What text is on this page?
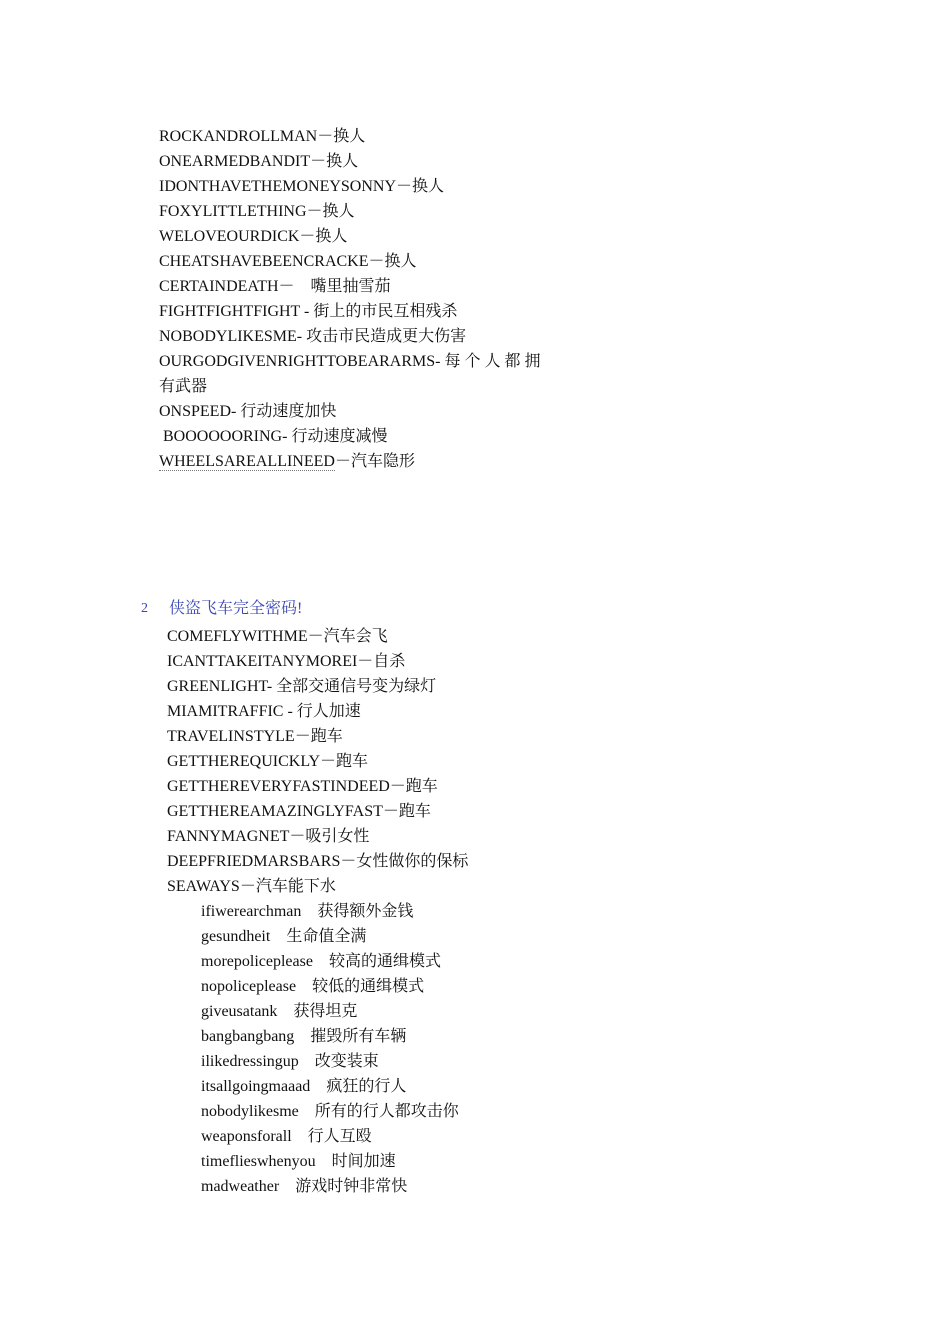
ROCKANDROLLMAN－换人
ONEARMEDBANDIT－换人
IDONTHAVETHEMONEYSONNY－换人
FOXYLITTLETHING－换人
WELOVEOURDICK－换人
CHEATSHAVEBEENCRACKE－换人
CERTAINDEATH－　嘴里抽雪茄
FIGHTFIGHTFIGHT - 街上的市民互相残杀
NOBODYLIKESME- 攻击市民造成更大伤害
OURGODGIVENRIGHTTOBEARARMS- 每 个 人 都 拥
有武器
ONSPEED- 行动速度加快
BOOOOOORING- 行动速度减慢
WHEELSAREALLINEED－汽车隐形
2 侠盗飞车完全密码!
COMEFLYWITHME－汽车会飞
ICANTTAKEITANYMOREI－自杀
GREENLIGHT- 全部交通信号变为绿灯
MIAMITRAFFIC - 行人加速
TRAVELINSTYLE－跑车
GETTHEREQUICKLY－跑车
GETTHEREVERYFASTINDEED－跑车
GETTHEREAMAZINGLYFAST－跑车
FANNYMAGNET－吸引女性
DEEPFRIEDMARSBARS－女性做你的保标
SEAWAYS－汽车能下水
ifiwerearchman 获得额外金钱
gesundheit 生命值全满
morepoliceplease 较高的通缉模式
nopoliceplease 较低的通缉模式
giveusatank 获得坦克
bangbangbang 摧毁所有车辆
ilikedressingup 改变装束
itsallgoingmaaad 疯狂的行人
nobodylikesme 所有的行人都攻击你
weaponsforall 行人互殴
timeflieswhenyou 时间加速
madweather 游戏时钟非常快
